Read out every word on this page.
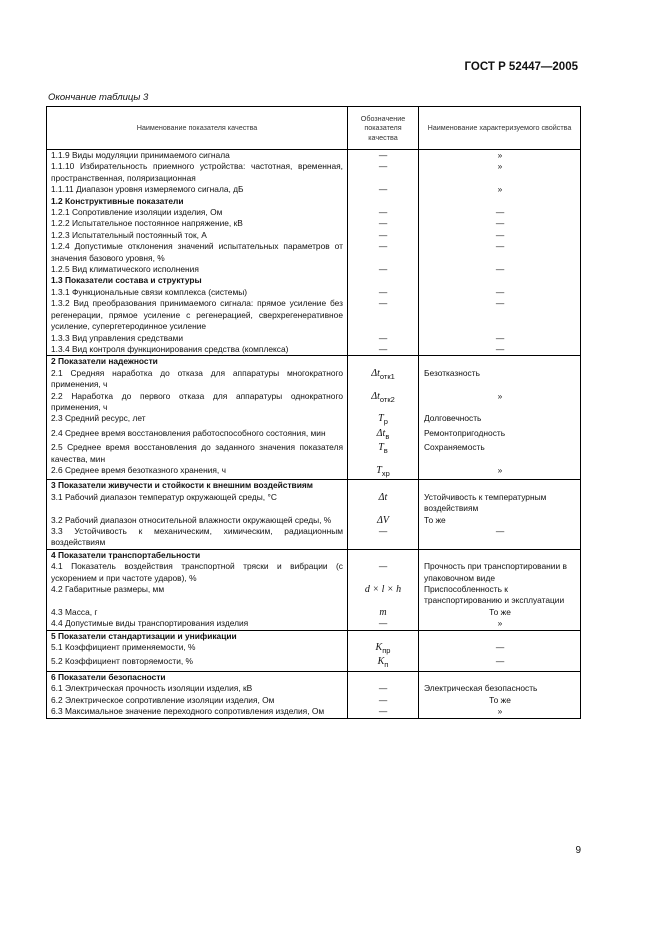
ГОСТ Р 52447—2005
Окончание таблицы 3
Наименование показателя качества	Обозначение показателя качества	Наименование характеризуемого свойства
1.1.9 Виды модуляции принимаемого сигнала	—	»
1.1.10 Избирательность приемного устройства: частотная, временная, пространственная, поляризационная	—	»
1.1.11 Диапазон уровня измеряемого сигнала, дБ	—	»
1.2 Конструктивные показатели		
1.2.1 Сопротивление изоляции изделия, Ом	—	—
1.2.2 Испытательное постоянное напряжение, кВ	—	—
1.2.3 Испытательный постоянный ток, А	—	—
1.2.4 Допустимые отклонения значений испытательных параметров от значения базового уровня, %	—	—
1.2.5 Вид климатического исполнения	—	—
1.3 Показатели состава и структуры		
1.3.1 Функциональные связи комплекса (системы)	—	—
1.3.2 Вид преобразования принимаемого сигнала: прямое усиление без регенерации, прямое усиление с регенерацией, сверхрегенеративное усиление, супергетеродинное усиление	—	—
1.3.3 Вид управления средствами	—	—
1.3.4 Вид контроля функционирования средства (комплекса)	—	—
2 Показатели надежности		
2.1 Средняя наработка до отказа для аппаратуры многократного применения, ч	$\Delta t_{отк1}$	Безотказность
2.2 Наработка до первого отказа для аппаратуры однократного применения, ч	$\Delta t_{отк2}$	»
2.3 Средний ресурс, лет	$T_р$	Долговечность
2.4 Среднее время восстановления работоспособного состояния, мин	$\Delta t_в$	Ремонтопригодность
2.5 Среднее время восстановления до заданного значения показателя качества, мин	$T_в$	Сохраняемость
2.6 Среднее время безотказного хранения, ч	$T_{хр}$	»
3 Показатели живучести и стойкости к внешним воздействиям		
3.1 Рабочий диапазон температур окружающей среды, °С	Δt	Устойчивость к температурным воздействиям
3.2 Рабочий диапазон относительной влажности окружающей среды, %	ΔV	То же
3.3 Устойчивость к механическим, химическим, радиационным воздействиям	—	—
4 Показатели транспортабельности		
4.1 Показатель воздействия транспортной тряски и вибрации (с ускорением и при частоте ударов), %	—	Прочность при транспортировании в упаковочном виде
4.2 Габаритные размеры, мм	d × l × h	Приспособленность к транспортированию и эксплуатации
4.3 Масса, г	m	То же
4.4 Допустимые виды транспортирования изделия	—	»
5 Показатели стандартизации и унификации		
5.1 Коэффициент применяемости, %	$K_{пр}$	—
5.2 Коэффициент повторяемости, %	$K_п$	—
6 Показатели безопасности		
6.1 Электрическая прочность изоляции изделия, кВ	—	Электрическая безопасность
6.2 Электрическое сопротивление изоляции изделия, Ом	—	То же
6.3 Максимальное значение переходного сопротивления изделия, Ом	—	»
9
